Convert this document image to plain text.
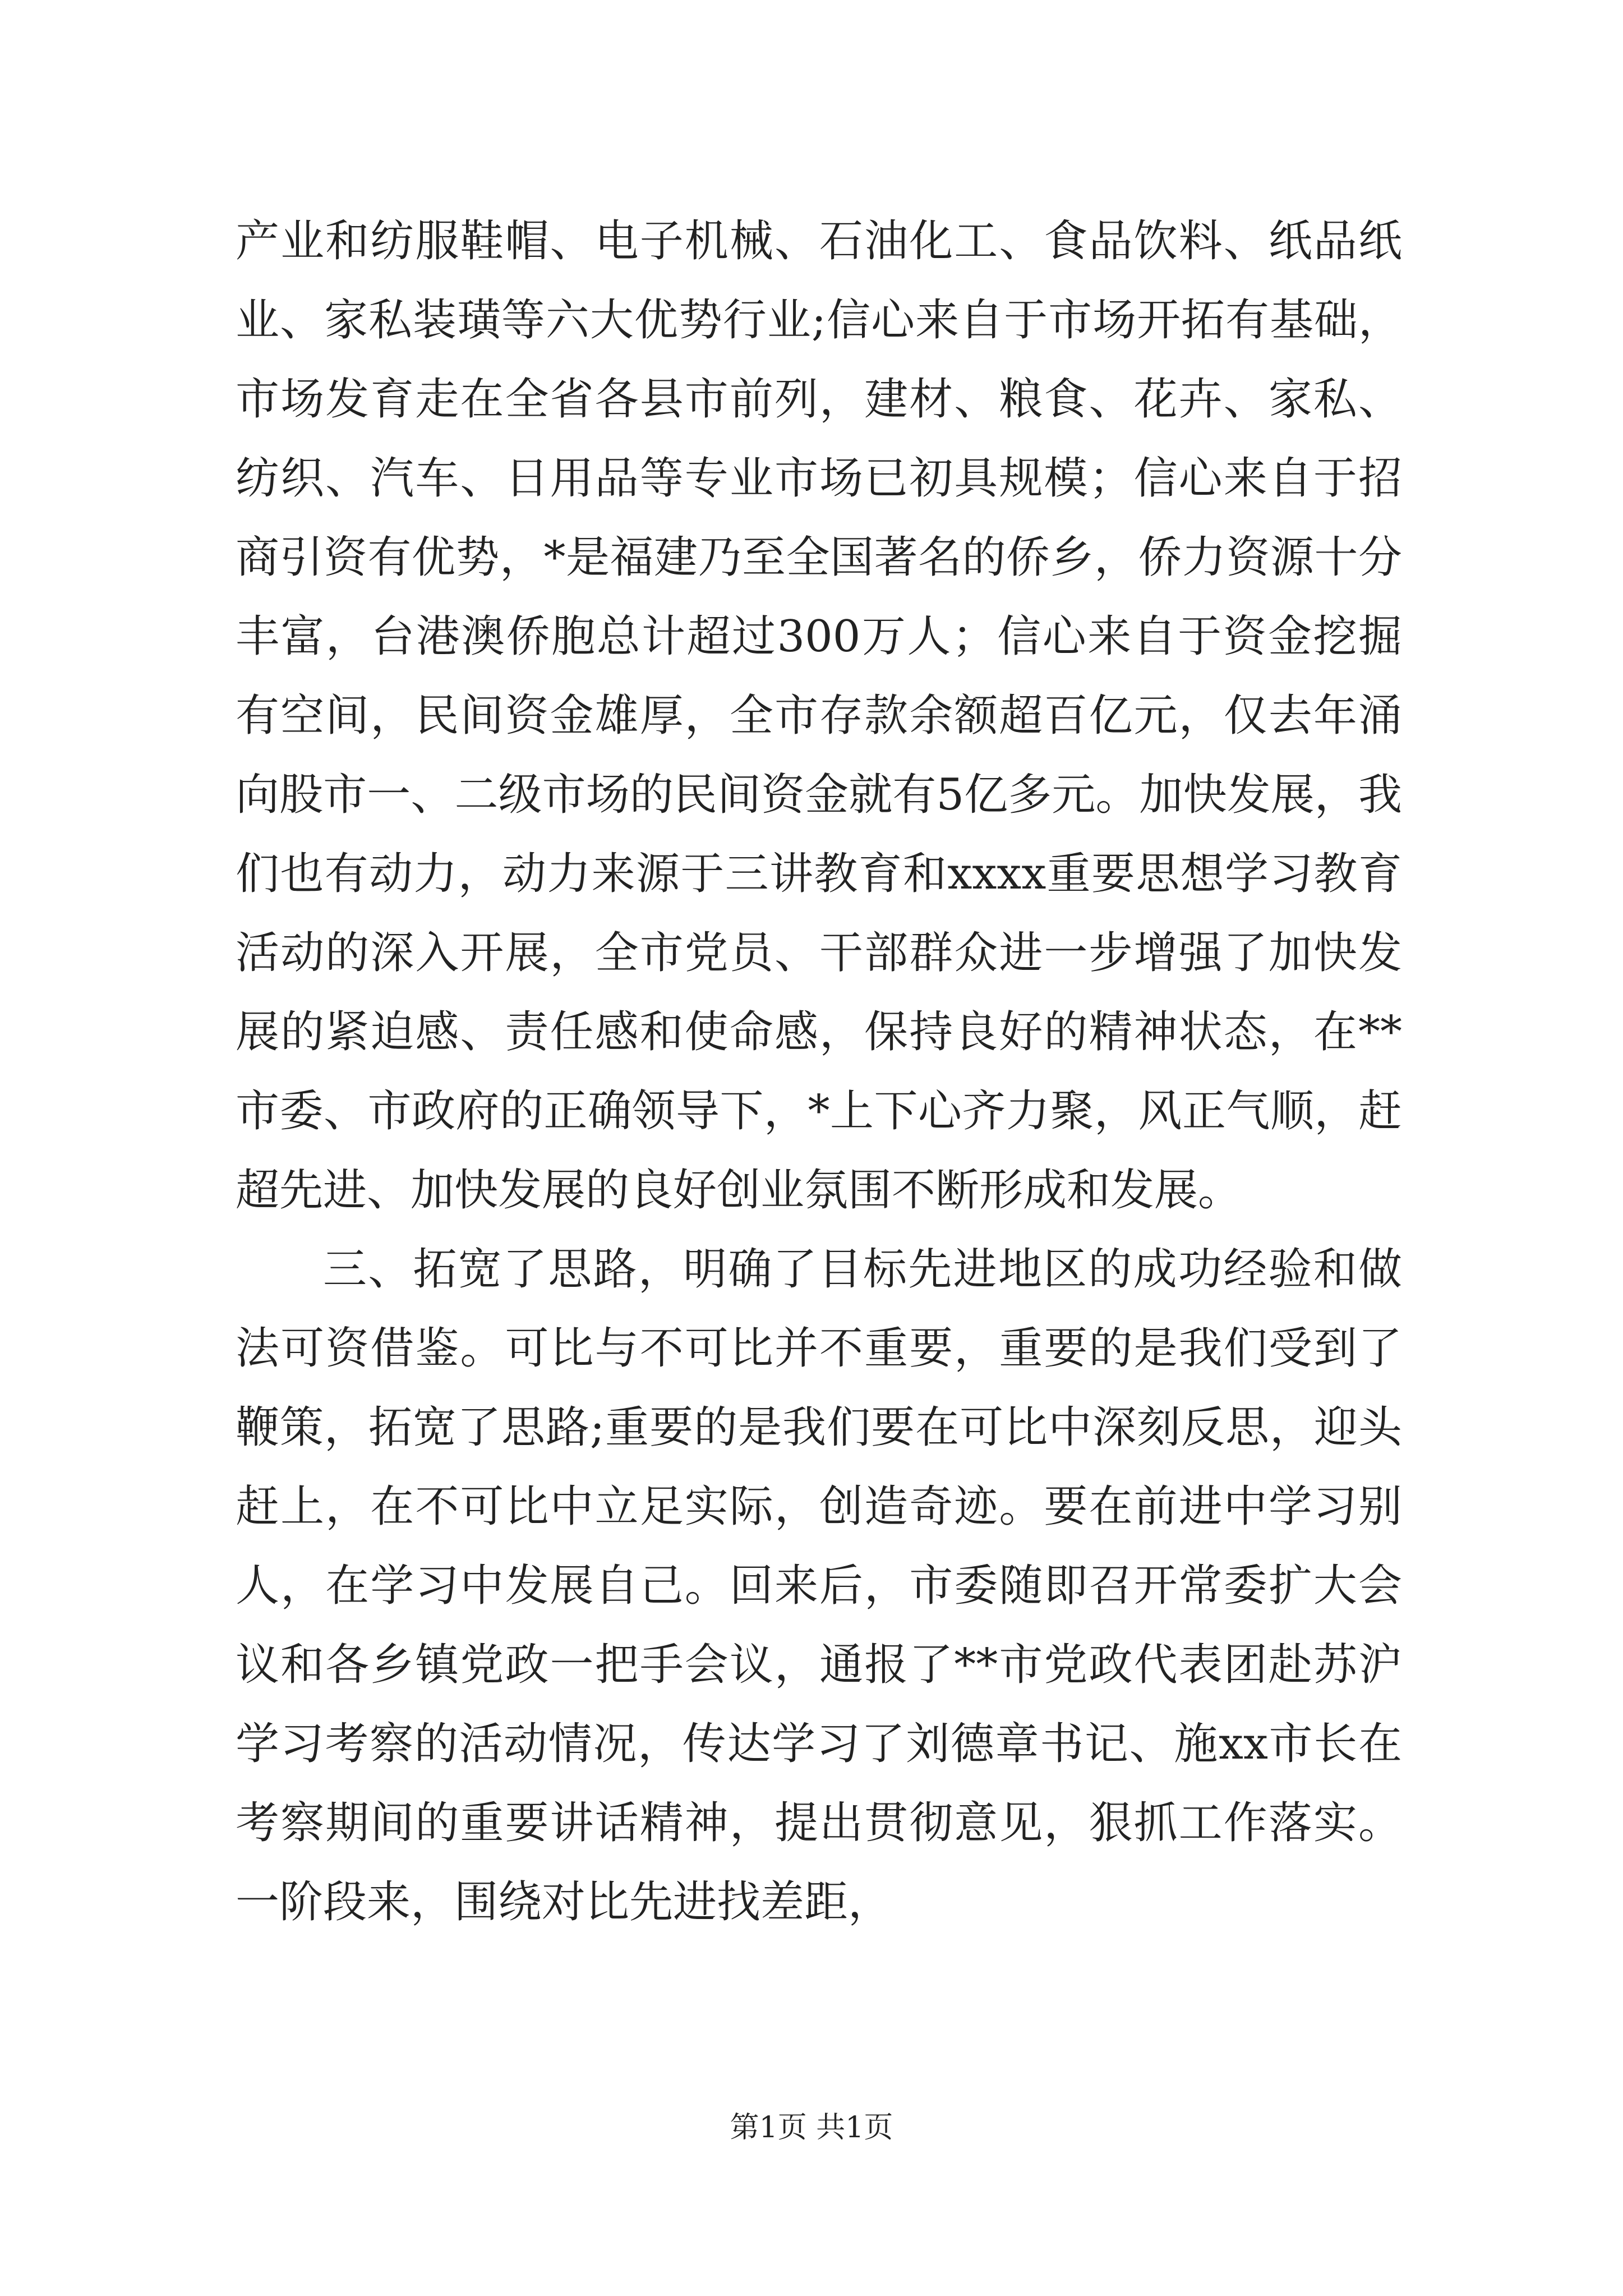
产业和纺服鞋帽、电子机械、石油化工、食品饮料、纸品纸业、家私装璜等六大优势行业;信心来自于市场开拓有基础，市场发育走在全省各县市前列，建材、粮食、花卉、家私、纺织、汽车、日用品等专业市场已初具规模；信心来自于招商引资有优势，*是福建乃至全国著名的侨乡，侨力资源十分丰富，台港澳侨胞总计超过300万人；信心来自于资金挖掘有空间，民间资金雄厚，全市存款余额超百亿元，仅去年涌向股市一、二级市场的民间资金就有5亿多元。加快发展，我们也有动力，动力来源于三讲教育和xxxx重要思想学习教育活动的深入开展，全市党员、干部群众进一步增强了加快发展的紧迫感、责任感和使命感，保持良好的精神状态，在**市委、市政府的正确领导下，*上下心齐力聚，风正气顺，赶超先进、加快发展的良好创业氛围不断形成和发展。

三、拓宽了思路，明确了目标先进地区的成功经验和做法可资借鉴。可比与不可比并不重要，重要的是我们受到了鞭策，拓宽了思路;重要的是我们要在可比中深刻反思，迎头赶上，在不可比中立足实际，创造奇迹。要在前进中学习别人，在学习中发展自己。回来后，市委随即召开常委扩大会议和各乡镇党政一把手会议，通报了**市党政代表团赴苏沪学习考察的活动情况，传达学习了刘德章书记、施xx市长在考察期间的重要讲话精神，提出贯彻意见，狠抓工作落实。一阶段来，围绕对比先进找差距，

第1页 共1页
